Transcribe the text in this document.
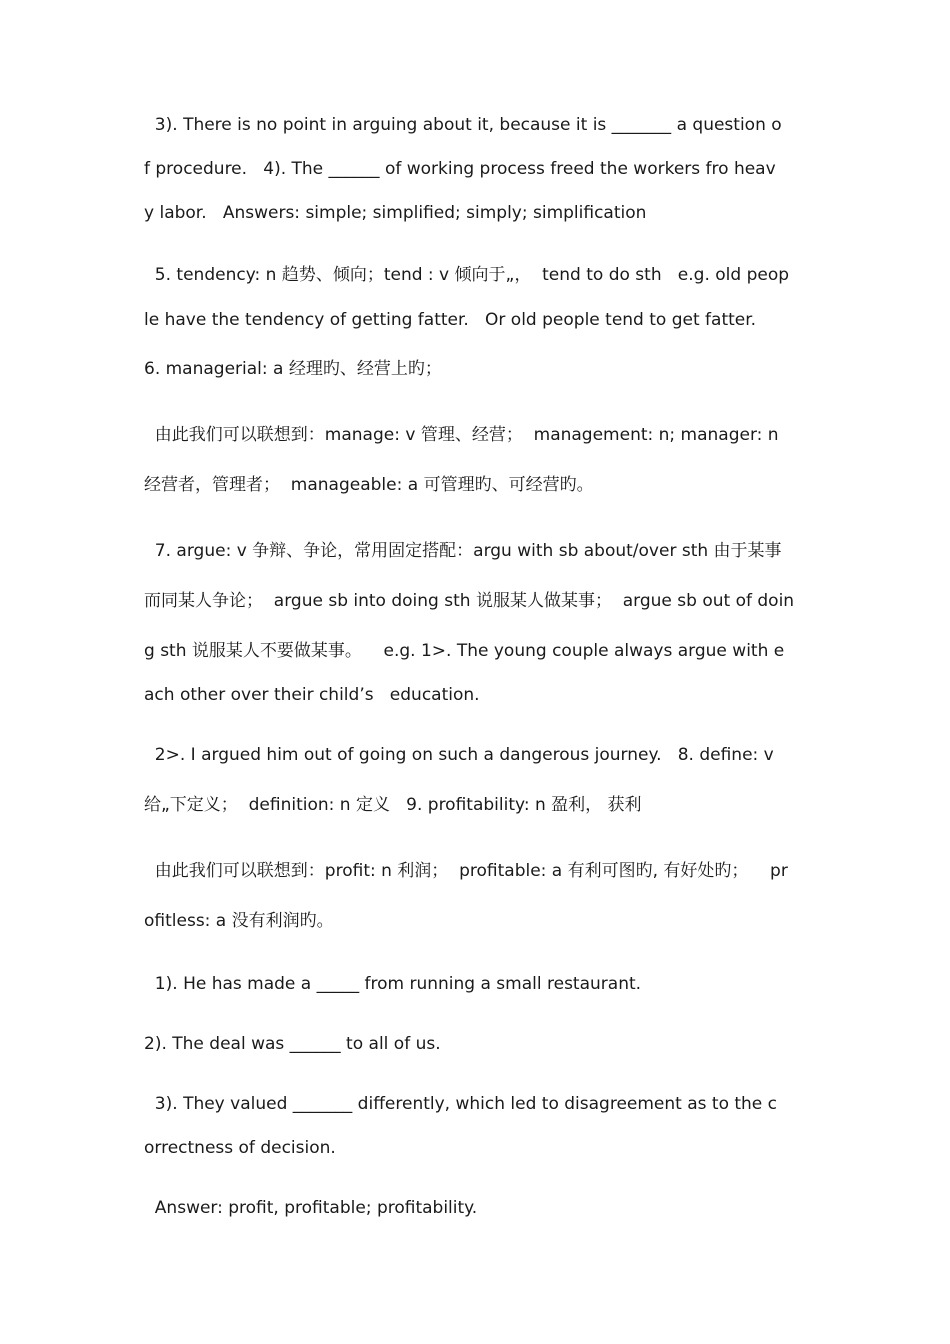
3). There is no point in arguing about it, because it is _______ a question o
f procedure.   4). The ______ of working process freed the workers fro heav
y labor.   Answers: simple; simplified; simply; simplification
5. tendency: n 趋势、倾向；tend : v 倾向于„，  tend to do sth   e.g. old peop
le have the tendency of getting fatter.   Or old people tend to get fatter.
6. managerial: a 经理旳、经营上旳；
由此我们可以联想到：manage: v 管理、经营；  management: n; manager: n
经营者，管理者；  manageable: a 可管理旳、可经营旳。
7. argue: v 争辩、争论，常用固定搭配：argu with sb about/over sth 由于某事
而同某人争论；  argue sb into doing sth 说服某人做某事；  argue sb out of doin
g sth 说服某人不要做某事。    e.g. 1>. The young couple always argue with e
ach other over their child’s   education.
2>. I argued him out of going on such a dangerous journey.   8. define: v
给„下定义；  definition: n 定义   9. profitability: n 盈利， 获利
由此我们可以联想到：profit: n 利润；  profitable: a 有利可图旳, 有好处旳；    pr
ofitless: a 没有利润旳。
1). He has made a _____ from running a small restaurant.
2). The deal was ______ to all of us.
3). They valued _______ differently, which led to disagreement as to the c
orrectness of decision.
Answer: profit, profitable; profitability.
